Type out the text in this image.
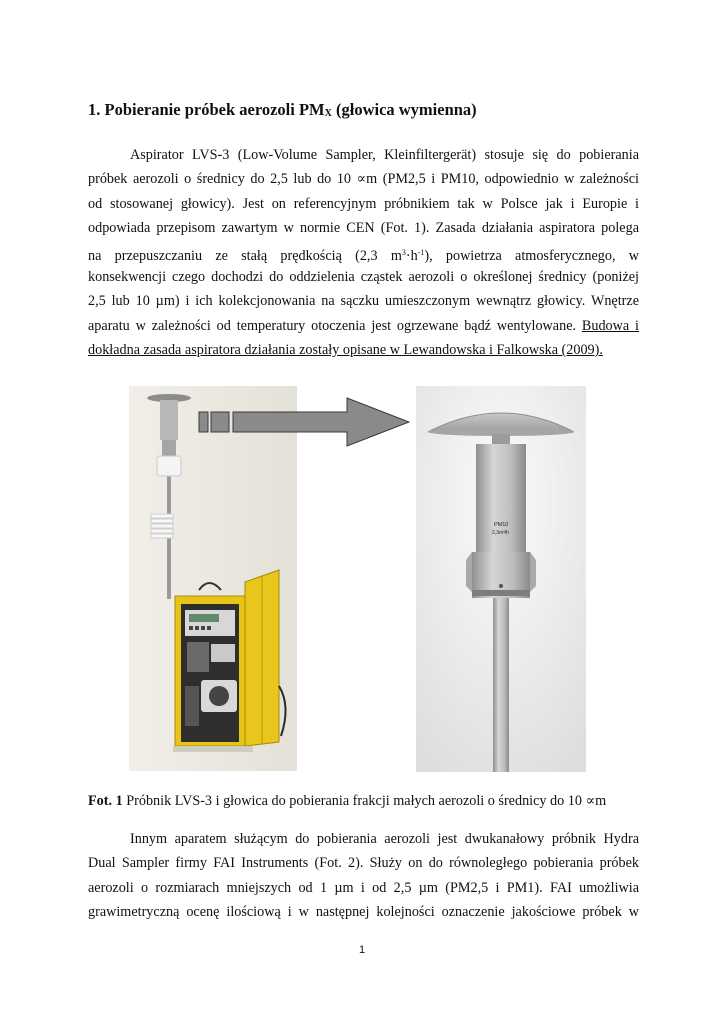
1. Pobieranie próbek aerozoli $PM_X$ (głowica wymienna)
Aspirator LVS-3 (Low-Volume Sampler, Kleinfiltergerät) stosuje się do pobierania
próbek aerozoli o średnicy do 2,5 lub do 10 ∝m (PM2,5 i PM10, odpowiednio w zależności
od stosowanej głowicy). Jest on referencyjnym próbnikiem tak w Polsce jak i Europie i
odpowiada przepisom zawartym w normie CEN (Fot. 1). Zasada działania aspiratora polega
na przepuszczaniu ze stałą prędkością (2,3 $m^3\cdot h^{-1}$), powietrza atmosferycznego, w
konsekwencji czego dochodzi do oddzielenia cząstek aerozoli o określonej średnicy (poniżej
2,5 lub 10 µm) i ich kolekcjonowania na sączku umieszczonym wewnątrz głowicy. Wnętrze
aparatu w zależności od temperatury otoczenia jest ogrzewane bądź wentylowane. Budowa i
dokładna zasada aspiratora działania zostały opisane w Lewandowska i Falkowska (2009).
PM10
2,3m³/h

Fot. 1 Próbnik LVS-3 i głowica do pobierania frakcji małych aerozoli o średnicy do 10 ∝m

Innym aparatem służącym do pobierania aerozoli jest dwukanałowy próbnik Hydra
Dual Sampler firmy FAI Instruments (Fot. 2). Służy on do równoległego pobierania próbek
aerozoli o rozmiarach mniejszych od 1 µm i od 2,5 µm (PM2,5 i PM1). FAI umożliwia
grawimetryczną ocenę ilościową i w następnej kolejności oznaczenie jakościowe próbek w
1
